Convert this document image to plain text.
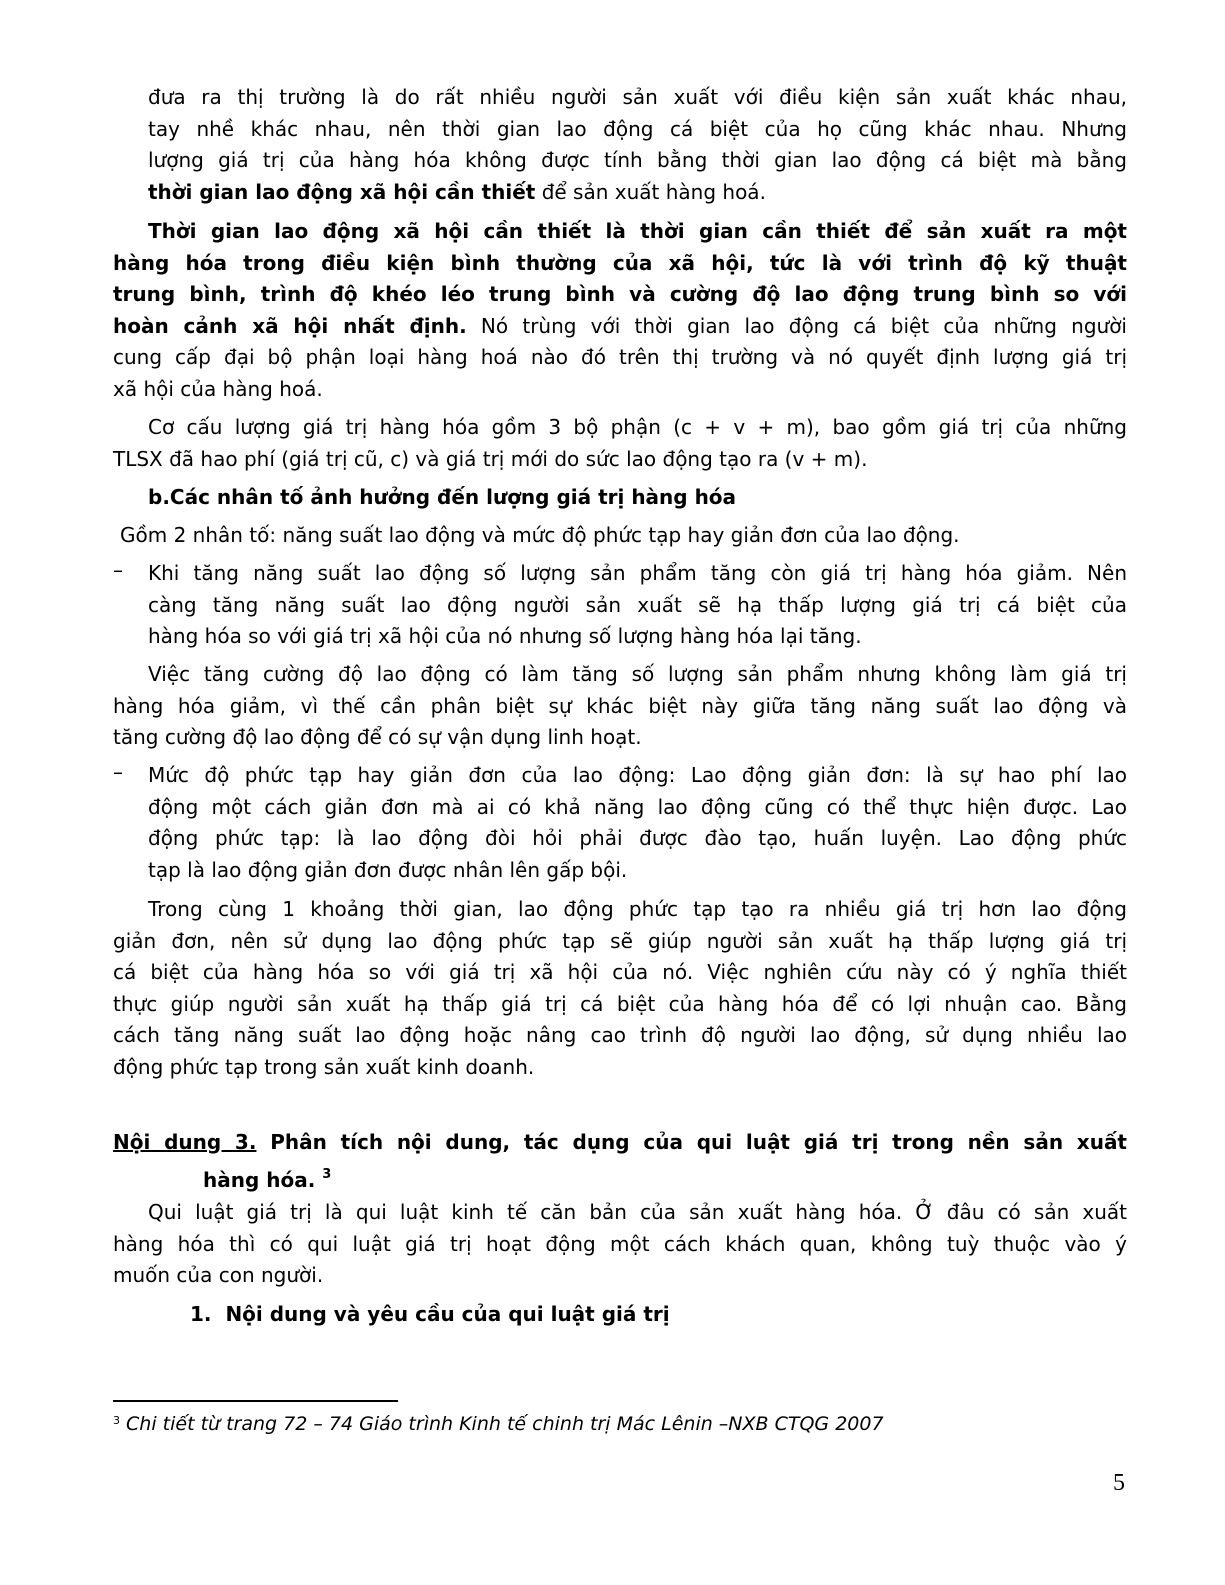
đưa ra thị trường là do rất nhiều người sản xuất với điều kiện sản xuất khác nhau,
tay nhề khác nhau, nên thời gian lao động cá biệt của họ cũng khác nhau. Nhưng
lượng giá trị của hàng hóa không được tính bằng thời gian lao động cá biệt mà bằng
thời gian lao động xã hội cần thiết để sản xuất hàng hoá.
Thời gian lao động xã hội cần thiết là thời gian cần thiết để sản xuất ra một
hàng hóa trong điều kiện bình thường của xã hội, tức là với trình độ kỹ thuật
trung bình, trình độ khéo léo trung bình và cường độ lao động trung bình so với
hoàn cảnh xã hội nhất định. Nó trùng với thời gian lao động cá biệt của những người
cung cấp đại bộ phận loại hàng hoá nào đó trên thị trường và nó quyết định lượng giá trị
xã hội của hàng hoá.
Cơ cấu lượng giá trị hàng hóa gồm 3 bộ phận (c + v + m), bao gồm giá trị của những
TLSX đã hao phí (giá trị cũ, c) và giá trị mới do sức lao động tạo ra (v + m).
b.Các nhân tố ảnh hưởng đến lượng giá trị hàng hóa
Gồm 2 nhân tố: năng suất lao động và mức độ phức tạp hay giản đơn của lao động.
– Khi tăng năng suất lao động số lượng sản phẩm tăng còn giá trị hàng hóa giảm. Nên
càng tăng năng suất lao động người sản xuất sẽ hạ thấp lượng giá trị cá biệt của
hàng hóa so với giá trị xã hội của nó nhưng số lượng hàng hóa lại tăng.
Việc tăng cường độ lao động có làm tăng số lượng sản phẩm nhưng không làm giá trị
hàng hóa giảm, vì thế cần phân biệt sự khác biệt này giữa tăng năng suất lao động và
tăng cường độ lao động để có sự vận dụng linh hoạt.
– Mức độ phức tạp hay giản đơn của lao động: Lao động giản đơn: là sự hao phí lao
động một cách giản đơn mà ai có khả năng lao động cũng có thể thực hiện được. Lao
động phức tạp: là lao động đòi hỏi phải được đào tạo, huấn luyện. Lao động phức
tạp là lao động giản đơn được nhân lên gấp bội.
Trong cùng 1 khoảng thời gian, lao động phức tạp tạo ra nhiều giá trị hơn lao động
giản đơn, nên sử dụng lao động phức tạp sẽ giúp người sản xuất hạ thấp lượng giá trị
cá biệt của hàng hóa so với giá trị xã hội của nó. Việc nghiên cứu này có ý nghĩa thiết
thực giúp người sản xuất hạ thấp giá trị cá biệt của hàng hóa để có lợi nhuận cao. Bằng
cách tăng năng suất lao động hoặc nâng cao trình độ người lao động, sử dụng nhiều lao
động phức tạp trong sản xuất kinh doanh.
Nội dung 3. Phân tích nội dung, tác dụng của qui luật giá trị trong nền sản xuất
hàng hóa. $^3$
Qui luật giá trị là qui luật kinh tế căn bản của sản xuất hàng hóa. Ở đâu có sản xuất
hàng hóa thì có qui luật giá trị hoạt động một cách khách quan, không tuỳ thuộc vào ý
muốn của con người.
1.  Nội dung và yêu cầu của qui luật giá trị
$^3$ Chi tiết từ trang 72 – 74 Giáo trình Kinh tế chinh trị Mác Lênin –NXB CTQG 2007
5
